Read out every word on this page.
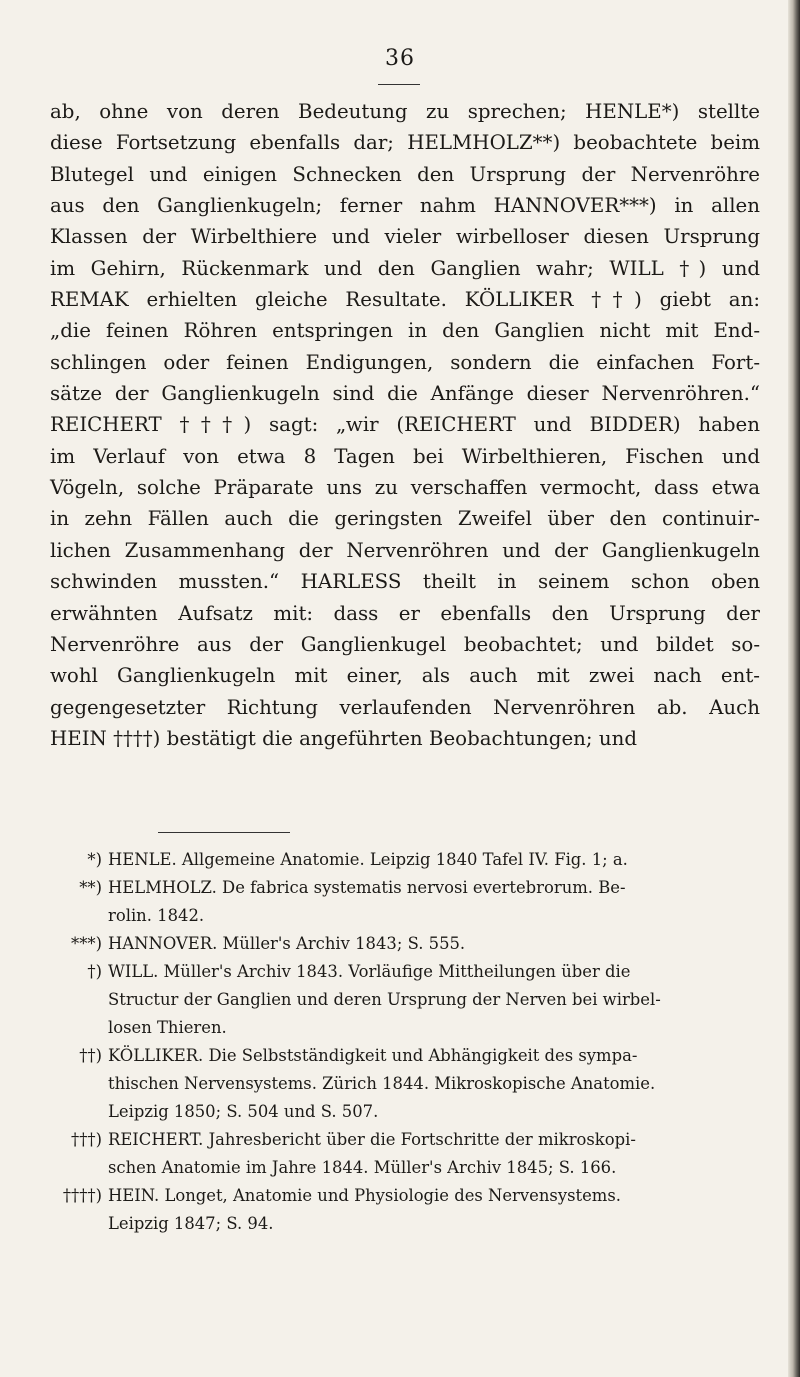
36
ab, ohne von deren Bedeutung zu sprechen; HENLE*) stellte
diese Fortsetzung ebenfalls dar; HELMHOLZ**) beobachtete beim
Blutegel und einigen Schnecken den Ursprung der Nervenröhre
aus den Ganglienkugeln; ferner nahm HANNOVER***) in allen
Klassen der Wirbelthiere und vieler wirbelloser diesen Ursprung
im Gehirn, Rückenmark und den Ganglien wahr; WILL †) und
REMAK erhielten gleiche Resultate. KÖLLIKER ††) giebt an:
„die feinen Röhren entspringen in den Ganglien nicht mit End-
schlingen oder feinen Endigungen, sondern die einfachen Fort-
sätze der Ganglienkugeln sind die Anfänge dieser Nervenröhren.“
REICHERT †††) sagt: „wir (REICHERT und BIDDER) haben
im Verlauf von etwa 8 Tagen bei Wirbelthieren, Fischen und
Vögeln, solche Präparate uns zu verschaffen vermocht, dass etwa
in zehn Fällen auch die geringsten Zweifel über den continuir-
lichen Zusammenhang der Nervenröhren und der Ganglienkugeln
schwinden mussten.“ HARLESS theilt in seinem schon oben
erwähnten Aufsatz mit: dass er ebenfalls den Ursprung der
Nervenröhre aus der Ganglienkugel beobachtet; und bildet so-
wohl Ganglienkugeln mit einer, als auch mit zwei nach ent-
gegengesetzter Richtung verlaufenden Nervenröhren ab. Auch
HEIN ††††) bestätigt die angeführten Beobachtungen; und
*) HENLE. Allgemeine Anatomie. Leipzig 1840 Tafel IV. Fig. 1; a.
**) HELMHOLZ. De fabrica systematis nervosi evertebrorum. Be-
rolin. 1842.
***) HANNOVER. Müller's Archiv 1843; S. 555.
†) WILL. Müller's Archiv 1843. Vorläufige Mittheilungen über die
Structur der Ganglien und deren Ursprung der Nerven bei wirbel-
losen Thieren.
††) KÖLLIKER. Die Selbstständigkeit und Abhängigkeit des sympa-
thischen Nervensystems. Zürich 1844. Mikroskopische Anatomie.
Leipzig 1850; S. 504 und S. 507.
†††) REICHERT. Jahresbericht über die Fortschritte der mikroskopi-
schen Anatomie im Jahre 1844. Müller's Archiv 1845; S. 166.
††††) HEIN. Longet, Anatomie und Physiologie des Nervensystems.
Leipzig 1847; S. 94.
